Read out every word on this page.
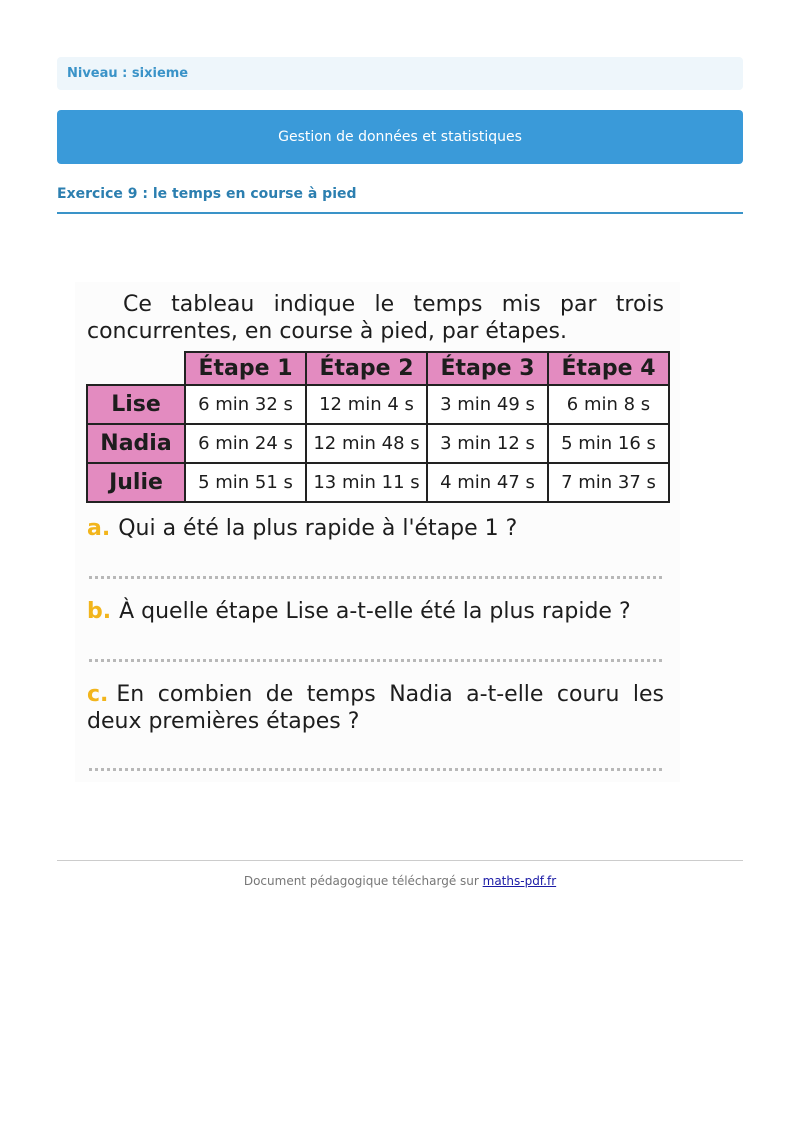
Niveau : sixieme
Gestion de données et statistiques
Exercice 9 : le temps en course à pied
Ce tableau indique le temps mis par trois concurrentes, en course à pied, par étapes.
	Étape 1	Étape 2	Étape 3	Étape 4
Lise	6 min 32 s	12 min 4 s	3 min 49 s	6 min 8 s
Nadia	6 min 24 s	12 min 48 s	3 min 12 s	5 min 16 s
Julie	5 min 51 s	13 min 11 s	4 min 47 s	7 min 37 s
a. Qui a été la plus rapide à l'étape 1 ?
b. À quelle étape Lise a-t-elle été la plus rapide ?
c. En combien de temps Nadia a-t-elle couru les deux premières étapes ?
Document pédagogique téléchargé sur maths-pdf.fr
